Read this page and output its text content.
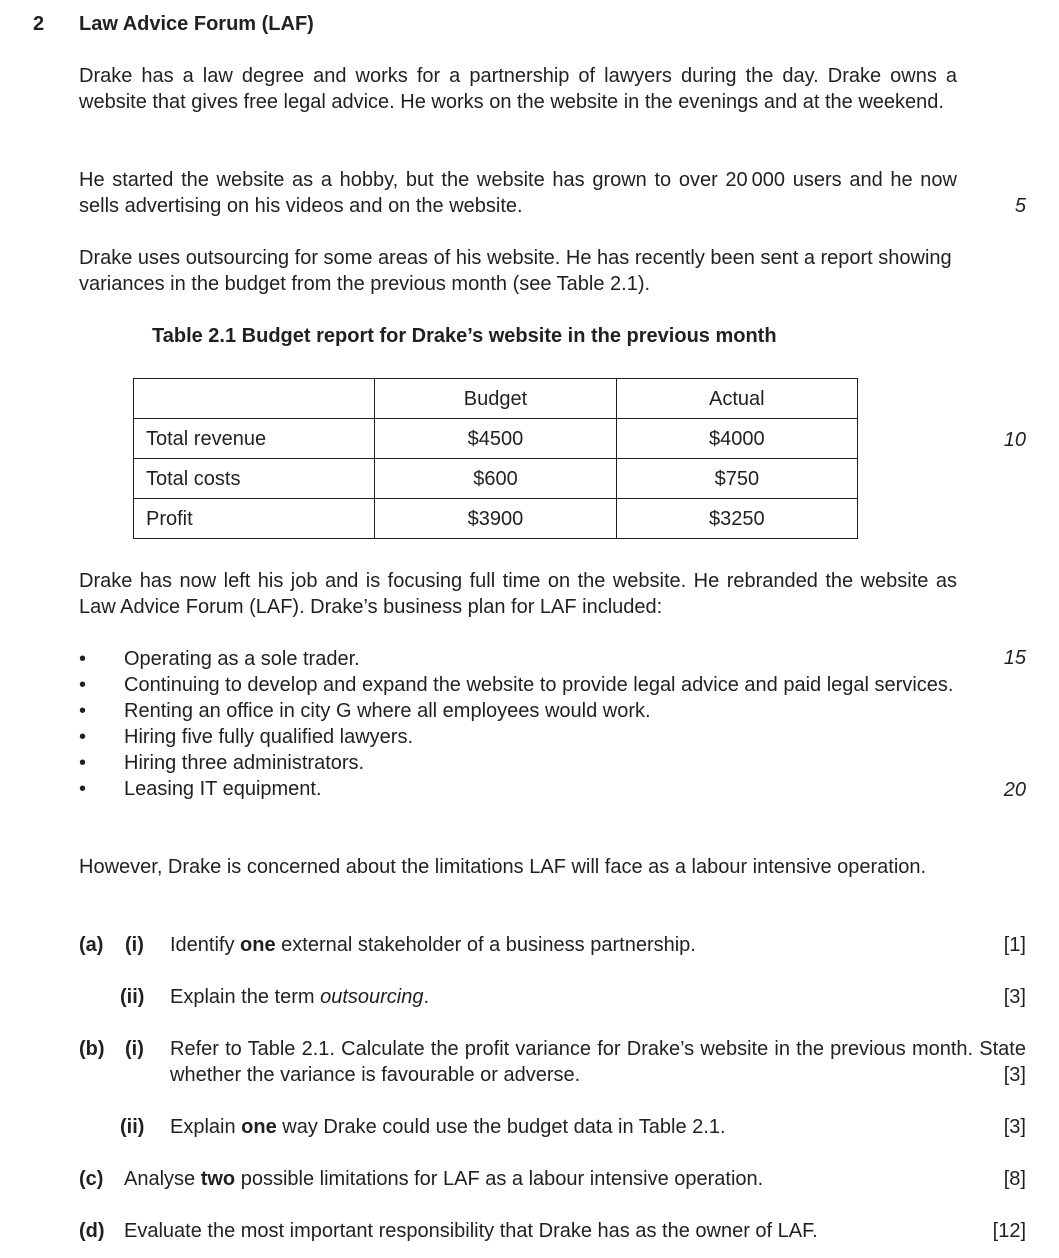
2 Law Advice Forum (LAF)
Drake has a law degree and works for a partnership of lawyers during the day. Drake owns a website that gives free legal advice. He works on the website in the evenings and at the weekend.
He started the website as a hobby, but the website has grown to over 20 000 users and he now sells advertising on his videos and on the website.
Drake uses outsourcing for some areas of his website. He has recently been sent a report showing variances in the budget from the previous month (see Table 2.1).
5
10
15
20
Table 2.1 Budget report for Drake’s website in the previous month
	Budget	Actual
Total revenue	$4500	$4000
Total costs	$600	$750
Profit	$3900	$3250
Drake has now left his job and is focusing full time on the website. He rebranded the website as Law Advice Forum (LAF). Drake’s business plan for LAF included:
• Operating as a sole trader.
• Continuing to develop and expand the website to provide legal advice and paid legal services.
• Renting an office in city G where all employees would work.
• Hiring five fully qualified lawyers.
• Hiring three administrators.
• Leasing IT equipment.
However, Drake is concerned about the limitations LAF will face as a labour intensive operation.
(a) (i) Identify one external stakeholder of a business partnership.	[1]
(ii) Explain the term outsourcing.	[3]
(b) (i) Refer to Table 2.1. Calculate the profit variance for Drake’s website in the previous month. State whether the variance is favourable or adverse.	[3]
(ii) Explain one way Drake could use the budget data in Table 2.1.	[3]
(c) Analyse two possible limitations for LAF as a labour intensive operation.	[8]
(d) Evaluate the most important responsibility that Drake has as the owner of LAF.	[12]
